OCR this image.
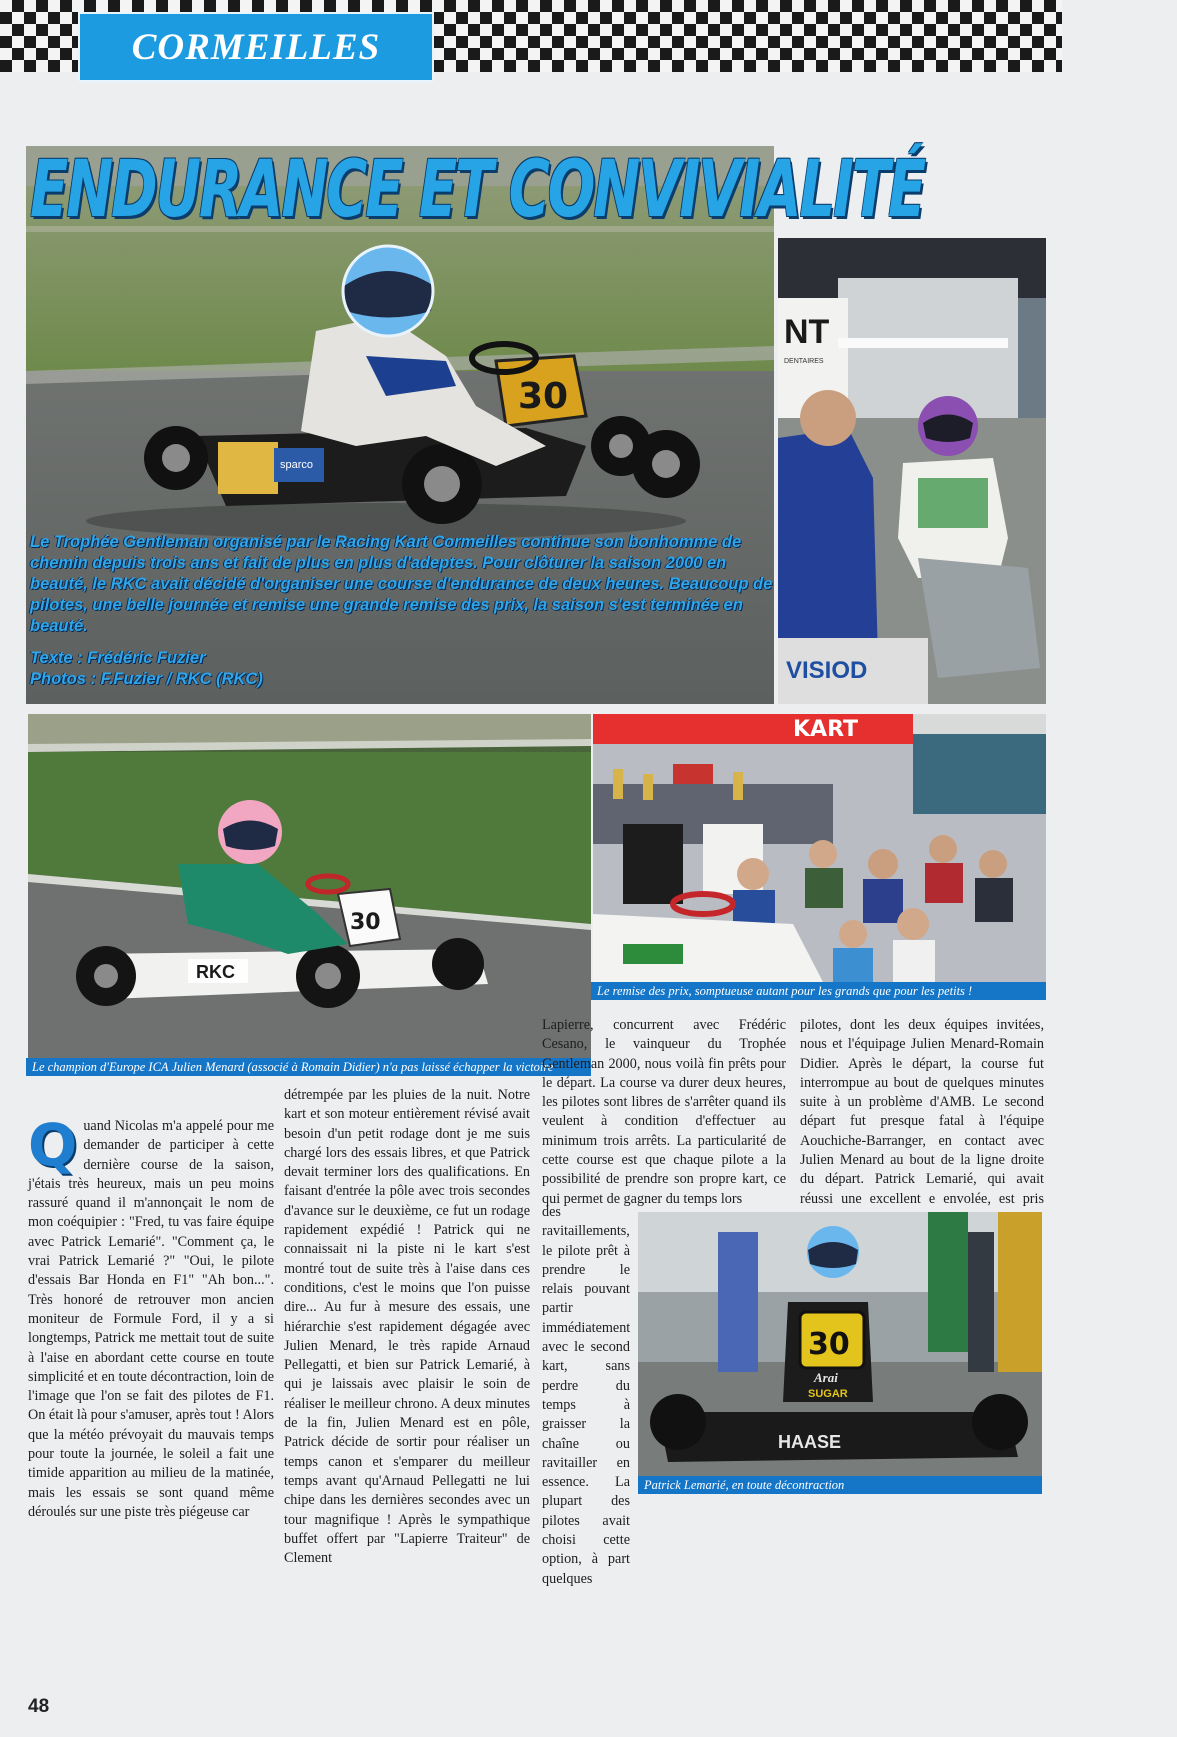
CORMEILLES
sparco
30
NT
DENTAIRES
VISIOD
ENDURANCE ET CONVIVIALITÉ

Le Trophée Gentleman organisé par le Racing Kart Cormeilles continue son bonhomme de chemin depuis trois ans et fait de plus en plus d'adeptes. Pour clôturer la saison 2000 en beauté, le RKC avait décidé d'organiser une course d'endurance de deux heures. Beaucoup de pilotes, une belle journée et remise une grande remise des prix, la saison s'est terminée en beauté.

Texte : Frédéric Fuzier
Photos : F.Fuzier / RKC (RKC)
RKC
30
Le champion d'Europe ICA Julien Menard (associé à Romain Didier) n'a pas laissé échapper la victoire
KART
Le remise des prix, somptueuse autant pour les grands que pour les petits !
Quand Nicolas m'a appelé pour me demander de participer à cette dernière course de la saison, j'étais très heureux, mais un peu moins rassuré quand il m'annonçait le nom de mon coéquipier : "Fred, tu vas faire équipe avec Patrick Lemarié". "Comment ça, le vrai Patrick Lemarié ?" "Oui, le pilote d'essais Bar Honda en F1" "Ah bon...". Très honoré de retrouver mon ancien moniteur de Formule Ford, il y a si longtemps, Patrick me mettait tout de suite à l'aise en abordant cette course en toute simplicité et en toute décontraction, loin de l'image que l'on se fait des pilotes de F1. On était là pour s'amuser, après tout ! Alors que la météo prévoyait du mauvais temps pour toute la journée, le soleil a fait une timide apparition au milieu de la matinée, mais les essais se sont quand même déroulés sur une piste très piégeuse car

détrempée par les pluies de la nuit. Notre kart et son moteur entièrement révisé avait besoin d'un petit rodage dont je me suis chargé lors des essais libres, et que Patrick devait terminer lors des qualifications. En faisant d'entrée la pôle avec trois secondes d'avance sur le deuxième, ce fut un rodage rapidement expédié ! Patrick qui ne connaissait ni la piste ni le kart s'est montré tout de suite très à l'aise dans ces conditions, c'est le moins que l'on puisse dire... Au fur à mesure des essais, une hiérarchie s'est rapidement dégagée avec Julien Menard, le très rapide Arnaud Pellegatti, et bien sur Patrick Lemarié, à qui je laissais avec plaisir le soin de réaliser le meilleur chrono. A deux minutes de la fin, Julien Menard est en pôle, Patrick décide de sortir pour réaliser un temps canon et s'emparer du meilleur temps avant qu'Arnaud Pellegatti ne lui chipe dans les dernières secondes avec un tour magnifique ! Après le sympathique buffet offert par "Lapierre Traiteur" de Clement

Lapierre, concurrent avec Frédéric Cesano, le vainqueur du Trophée Gentleman 2000, nous voilà fin prêts pour le départ. La course va durer deux heures, les pilotes sont libres de s'arrêter quand ils veulent à condition d'effectuer au minimum trois arrêts. La particularité de cette course est que chaque pilote a la possibilité de prendre son propre kart, ce qui permet de gagner du temps lors

des ravitaillements, le pilote prêt à prendre le relais pouvant partir immédiatement avec le second kart, sans perdre du temps à graisser la chaîne ou ravitailler en essence. La plupart des pilotes avait choisi cette option, à part quelques

pilotes, dont les deux équipes invitées, nous et l'équipage Julien Menard-Romain Didier. Après le départ, la course fut interrompue au bout de quelques minutes suite à un problème d'AMB. Le second départ fut presque fatal à l'équipe Aouchiche-Barranger, en contact avec Julien Menard au bout de la ligne droite du départ. Patrick Lemarié, qui avait réussi une excellent e envolée, est pris

HAASE
30
Arai
SUGAR
Patrick Lemarié, en toute décontraction
48
